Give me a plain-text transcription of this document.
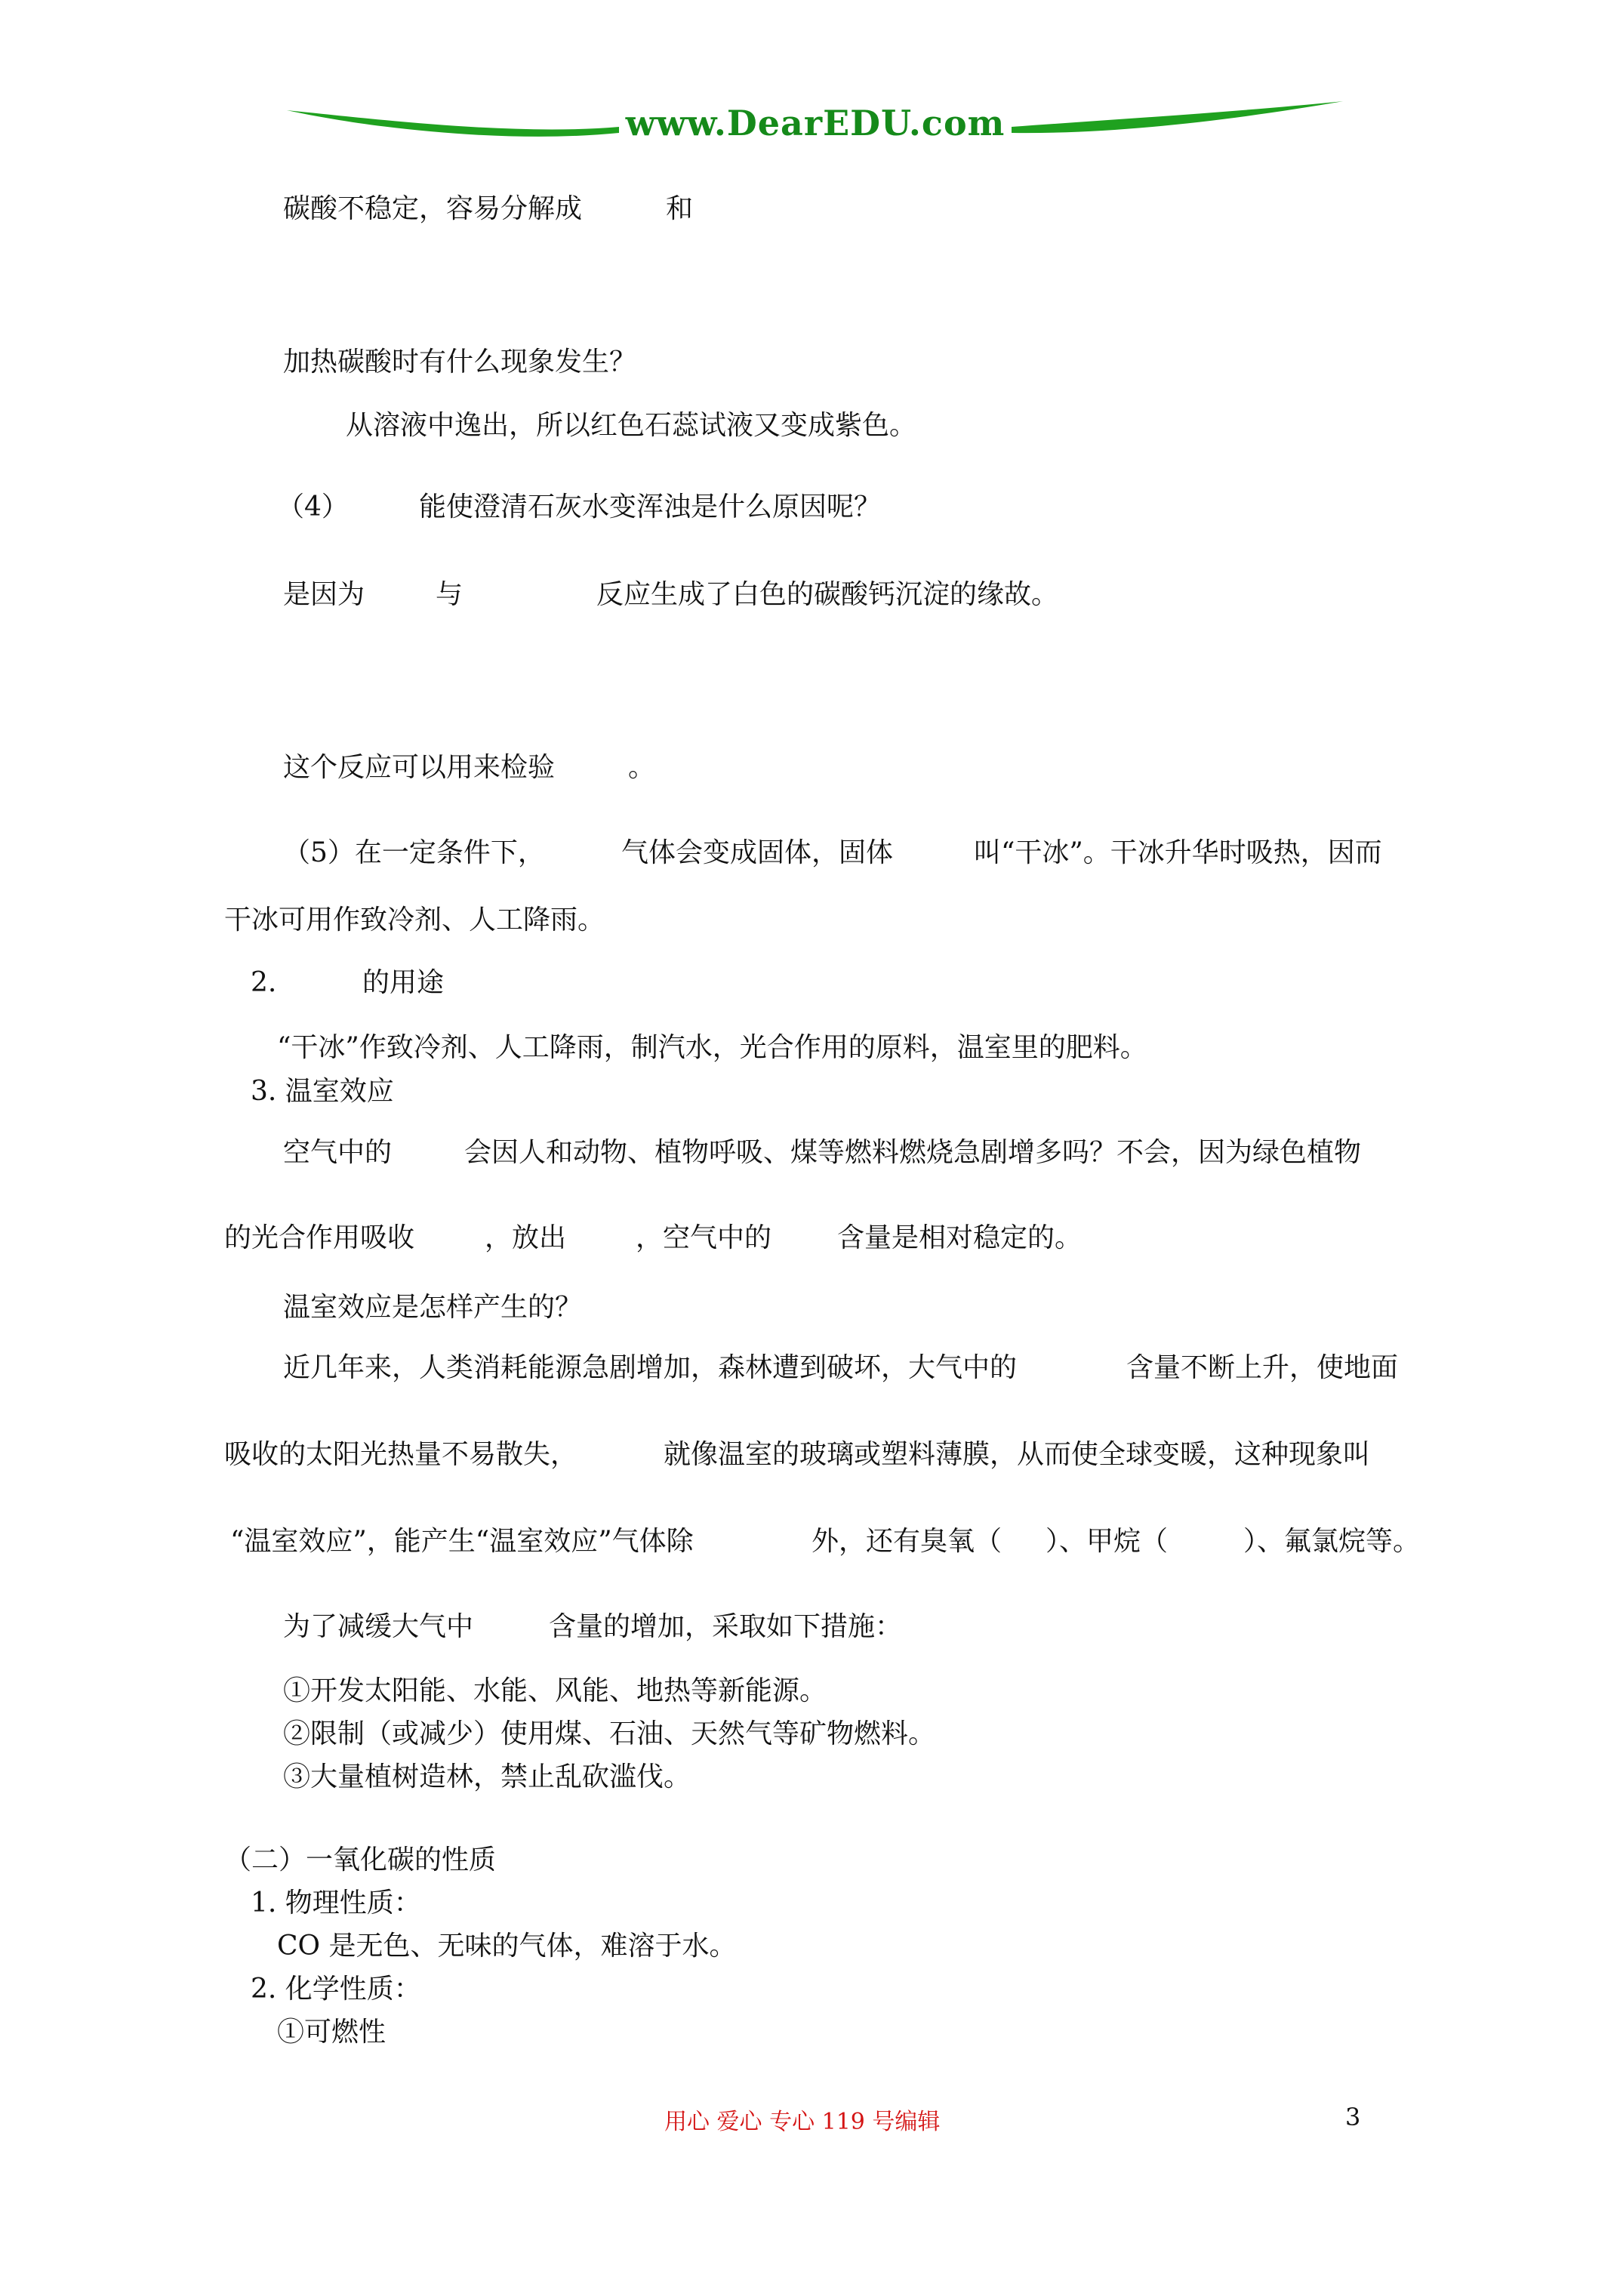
www.DearEDU.com
碳酸不稳定，容易分解成	和
加热碳酸时有什么现象发生？
从溶液中逸出，所以红色石蕊试液又变成紫色。
（4）	能使澄清石灰水变浑浊是什么原因呢？
是因为	与	反应生成了白色的碳酸钙沉淀的缘故。
这个反应可以用来检验	。
（5）在一定条件下，	气体会变成固体，固体	叫“干冰”。干冰升华时吸热，因而
干冰可用作致冷剂、人工降雨。
2.	的用途
“干冰”作致冷剂、人工降雨，制汽水，光合作用的原料，温室里的肥料。
3. 温室效应
空气中的	会因人和动物、植物呼吸、煤等燃料燃烧急剧增多吗？不会，因为绿色植物
的光合作用吸收	，放出	，空气中的 含量是相对稳定的。
温室效应是怎样产生的？
近几年来，人类消耗能源急剧增加，森林遭到破坏，大气中的	含量不断上升，使地面
吸收的太阳光热量不易散失，	就像温室的玻璃或塑料薄膜，从而使全球变暖，这种现象叫
“温室效应”，能产生“温室效应”气体除	外，还有臭氧（ ）、甲烷（	）、氟氯烷等。
为了减缓大气中	含量的增加，采取如下措施：
①开发太阳能、水能、风能、地热等新能源。
②限制（或减少）使用煤、石油、天然气等矿物燃料。
③大量植树造林，禁止乱砍滥伐。
（二）一氧化碳的性质
1. 物理性质：
CO 是无色、无味的气体，难溶于水。
2. 化学性质：
①可燃性
用心 爱心 专心 119 号编辑	3
